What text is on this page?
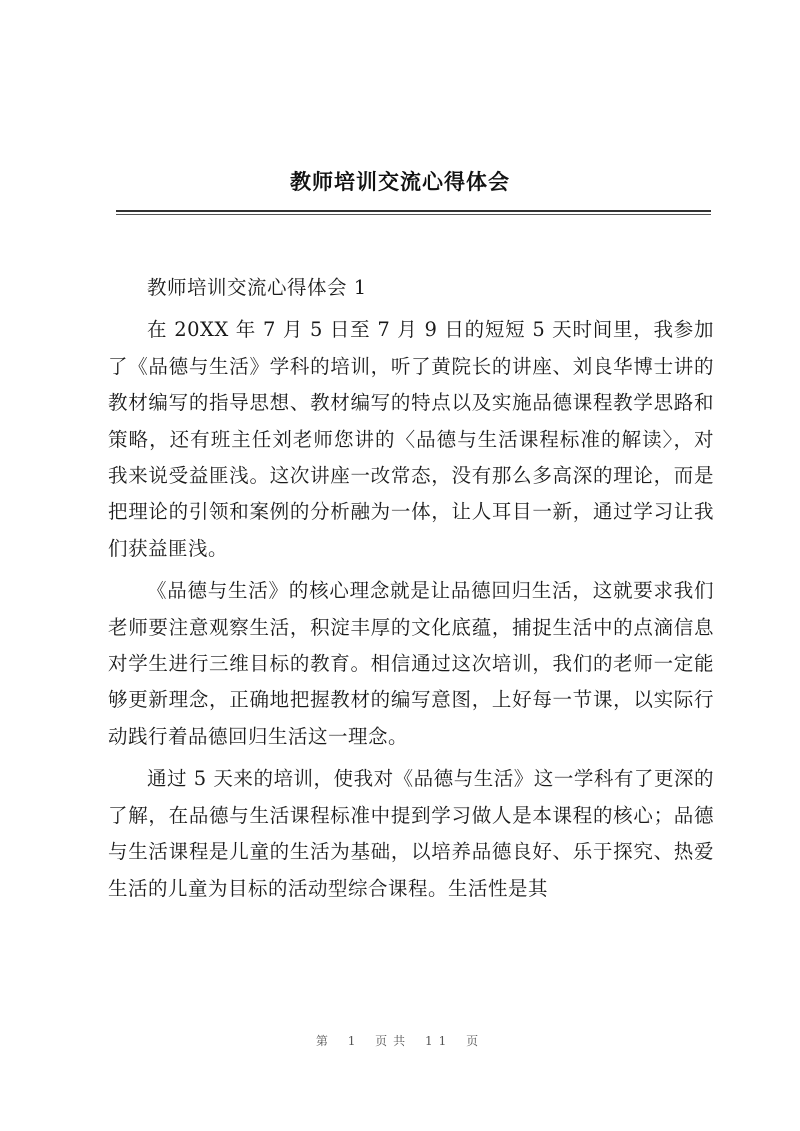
教师培训交流心得体会

教师培训交流心得体会 1

在 20XX 年 7 月 5 日至 7 月 9 日的短短 5 天时间里，我参加了《品德与生活》学科的培训，听了黄院长的讲座、刘良华博士讲的教材编写的指导思想、教材编写的特点以及实施品德课程教学思路和策略，还有班主任刘老师您讲的〈品德与生活课程标准的解读〉，对我来说受益匪浅。这次讲座一改常态，没有那么多高深的理论，而是把理论的引领和案例的分析融为一体，让人耳目一新，通过学习让我们获益匪浅。

《品德与生活》的核心理念就是让品德回归生活，这就要求我们老师要注意观察生活，积淀丰厚的文化底蕴，捕捉生活中的点滴信息对学生进行三维目标的教育。相信通过这次培训，我们的老师一定能够更新理念，正确地把握教材的编写意图，上好每一节课，以实际行动践行着品德回归生活这一理念。

通过 5 天来的培训，使我对《品德与生活》这一学科有了更深的了解，在品德与生活课程标准中提到学习做人是本课程的核心；品德与生活课程是儿童的生活为基础，以培养品德良好、乐于探究、热爱生活的儿童为目标的活动型综合课程。生活性是其

第 1 页共 11 页
